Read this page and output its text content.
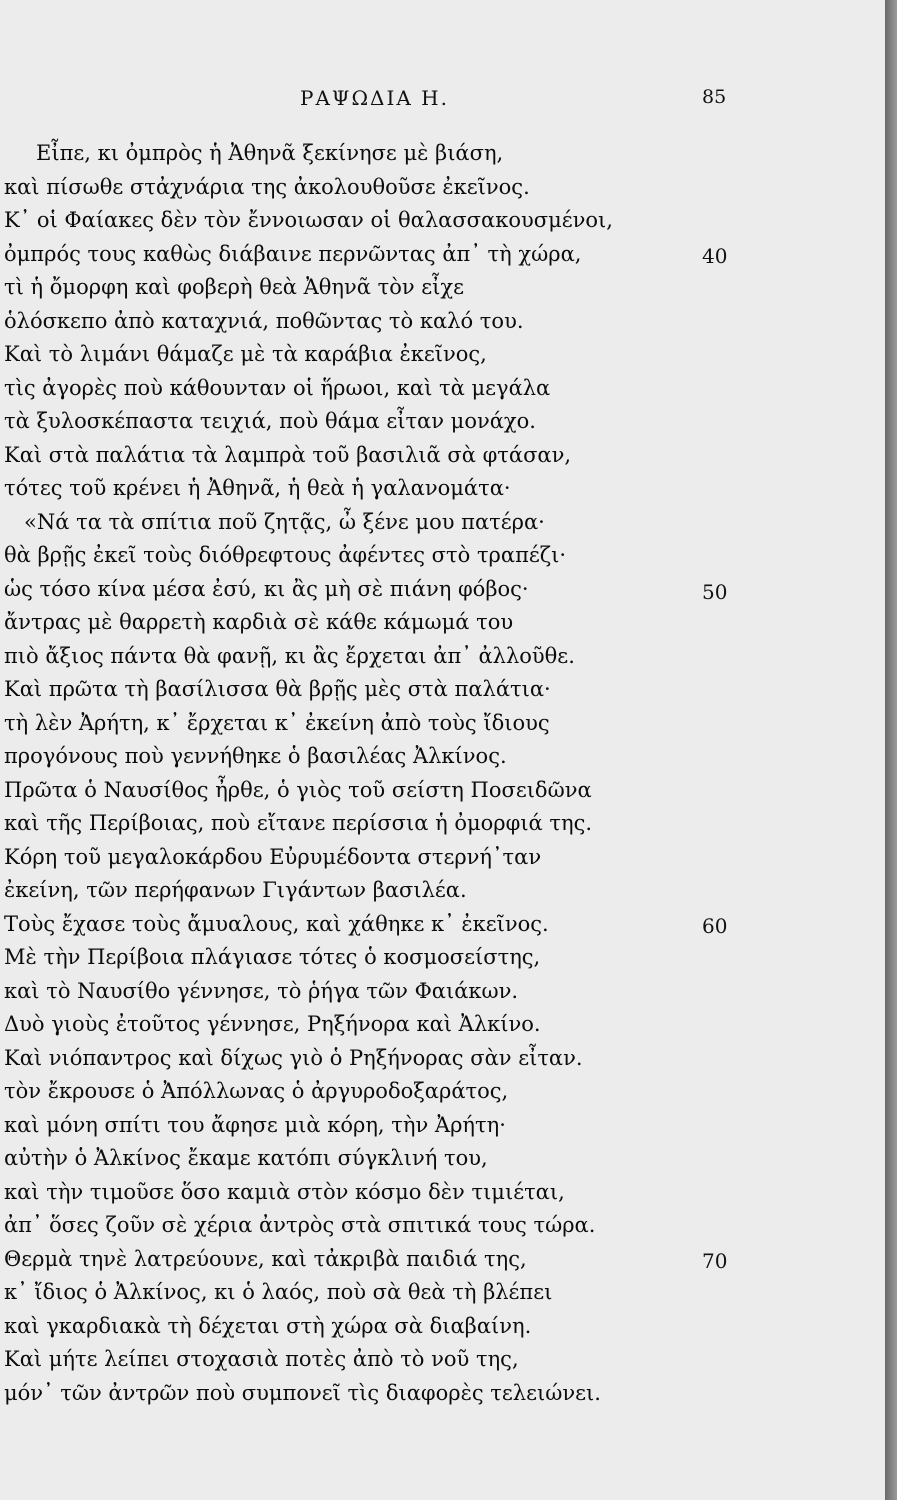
ΡΑΨΩΔΙΑ Η.	85
Εἶπε, κι ὀμπρὸς ἡ Ἀθηνᾶ ξεκίνησε μὲ βιάση,
καὶ πίσωθε στἀχνάρια της ἀκολουθοῦσε ἐκεῖνος.
Κ᾿ οἱ Φαίακες δὲν τὸν ἔννοιωσαν οἱ θαλασσακουσμένοι,
ὀμπρός τους καθὼς διάβαινε περνῶντας ἀπ᾿ τὴ χώρα,
τὶ ἡ ὄμορφη καὶ φοβερὴ θεὰ Ἀθηνᾶ τὸν εἶχε
ὁλόσκεπο ἀπὸ καταχνιά, ποθῶντας τὸ καλό του.
Καὶ τὸ λιμάνι θάμαζε μὲ τὰ καράβια ἐκεῖνος,
τὶς ἀγορὲς ποὺ κάθουνταν οἱ ἥρωοι, καὶ τὰ μεγάλα
τὰ ξυλοσκέπαστα τειχιά, ποὺ θάμα εἶταν μονάχο.
Καὶ στὰ παλάτια τὰ λαμπρὰ τοῦ βασιλιᾶ σὰ φτάσαν,
τότες τοῦ κρένει ἡ Ἀθηνᾶ, ἡ θεὰ ἡ γαλανομάτα·
«Νά τα τὰ σπίτια ποῦ ζητᾷς, ὦ ξένε μου πατέρα·
θὰ βρῇς ἐκεῖ τοὺς διόθρεφτους ἀφέντες στὸ τραπέζι·
ὡς τόσο κίνα μέσα ἐσύ, κι ἂς μὴ σὲ πιάνη φόβος·
ἄντρας μὲ θαρρετὴ καρδιὰ σὲ κάθε κάμωμά του
πιὸ ἄξιος πάντα θὰ φανῇ, κι ἂς ἔρχεται ἀπ᾿ ἀλλοῦθε.
Καὶ πρῶτα τὴ βασίλισσα θὰ βρῇς μὲς στὰ παλάτια·
τὴ λὲν Ἀρήτη, κ᾿ ἔρχεται κ᾿ ἐκείνη ἀπὸ τοὺς ἴδιους
προγόνους ποὺ γεννήθηκε ὁ βασιλέας Ἀλκίνος.
Πρῶτα ὁ Ναυσίθος ἦρθε, ὁ γιὸς τοῦ σείστη Ποσειδῶνα
καὶ τῆς Περίβοιας, ποὺ εἴτανε περίσσια ἡ ὀμορφιά της.
Κόρη τοῦ μεγαλοκάρδου Εὐρυμέδοντα στερνή᾿ταν
ἐκείνη, τῶν περήφανων Γιγάντων βασιλέα.
Τοὺς ἔχασε τοὺς ἄμυαλους, καὶ χάθηκε κ᾿ ἐκεῖνος.
Μὲ τὴν Περίβοια πλάγιασε τότες ὁ κοσμοσείστης,
καὶ τὸ Ναυσίθο γέννησε, τὸ ῥήγα τῶν Φαιάκων.
Δυὸ γιοὺς ἐτοῦτος γέννησε, Ρηξήνορα καὶ Ἀλκίνο.
Καὶ νιόπαντρος καὶ δίχως γιὸ ὁ Ρηξήνορας σὰν εἶταν.
τὸν ἔκρουσε ὁ Ἀπόλλωνας ὁ ἀργυροδοξαράτος,
καὶ μόνη σπίτι του ἄφησε μιὰ κόρη, τὴν Ἀρήτη·
αὐτὴν ὁ Ἀλκίνος ἔκαμε κατόπι σύγκλινή του,
καὶ τὴν τιμοῦσε ὅσο καμιὰ στὸν κόσμο δὲν τιμιέται,
ἀπ᾿ ὅσες ζοῦν σὲ χέρια ἀντρὸς στὰ σπιτικά τους τώρα.
Θερμὰ τηνὲ λατρεύουνε, καὶ τἀκριβὰ παιδιά της,
κ᾿ ἴδιος ὁ Ἀλκίνος, κι ὁ λαός, ποὺ σὰ θεὰ τὴ βλέπει
καὶ γκαρδιακὰ τὴ δέχεται στὴ χώρα σὰ διαβαίνη.
Καὶ μήτε λείπει στοχασιὰ ποτὲς ἀπὸ τὸ νοῦ της,
μόν᾿ τῶν ἀντρῶν ποὺ συμπονεῖ τὶς διαφορὲς τελειώνει.
40
50
60
70
